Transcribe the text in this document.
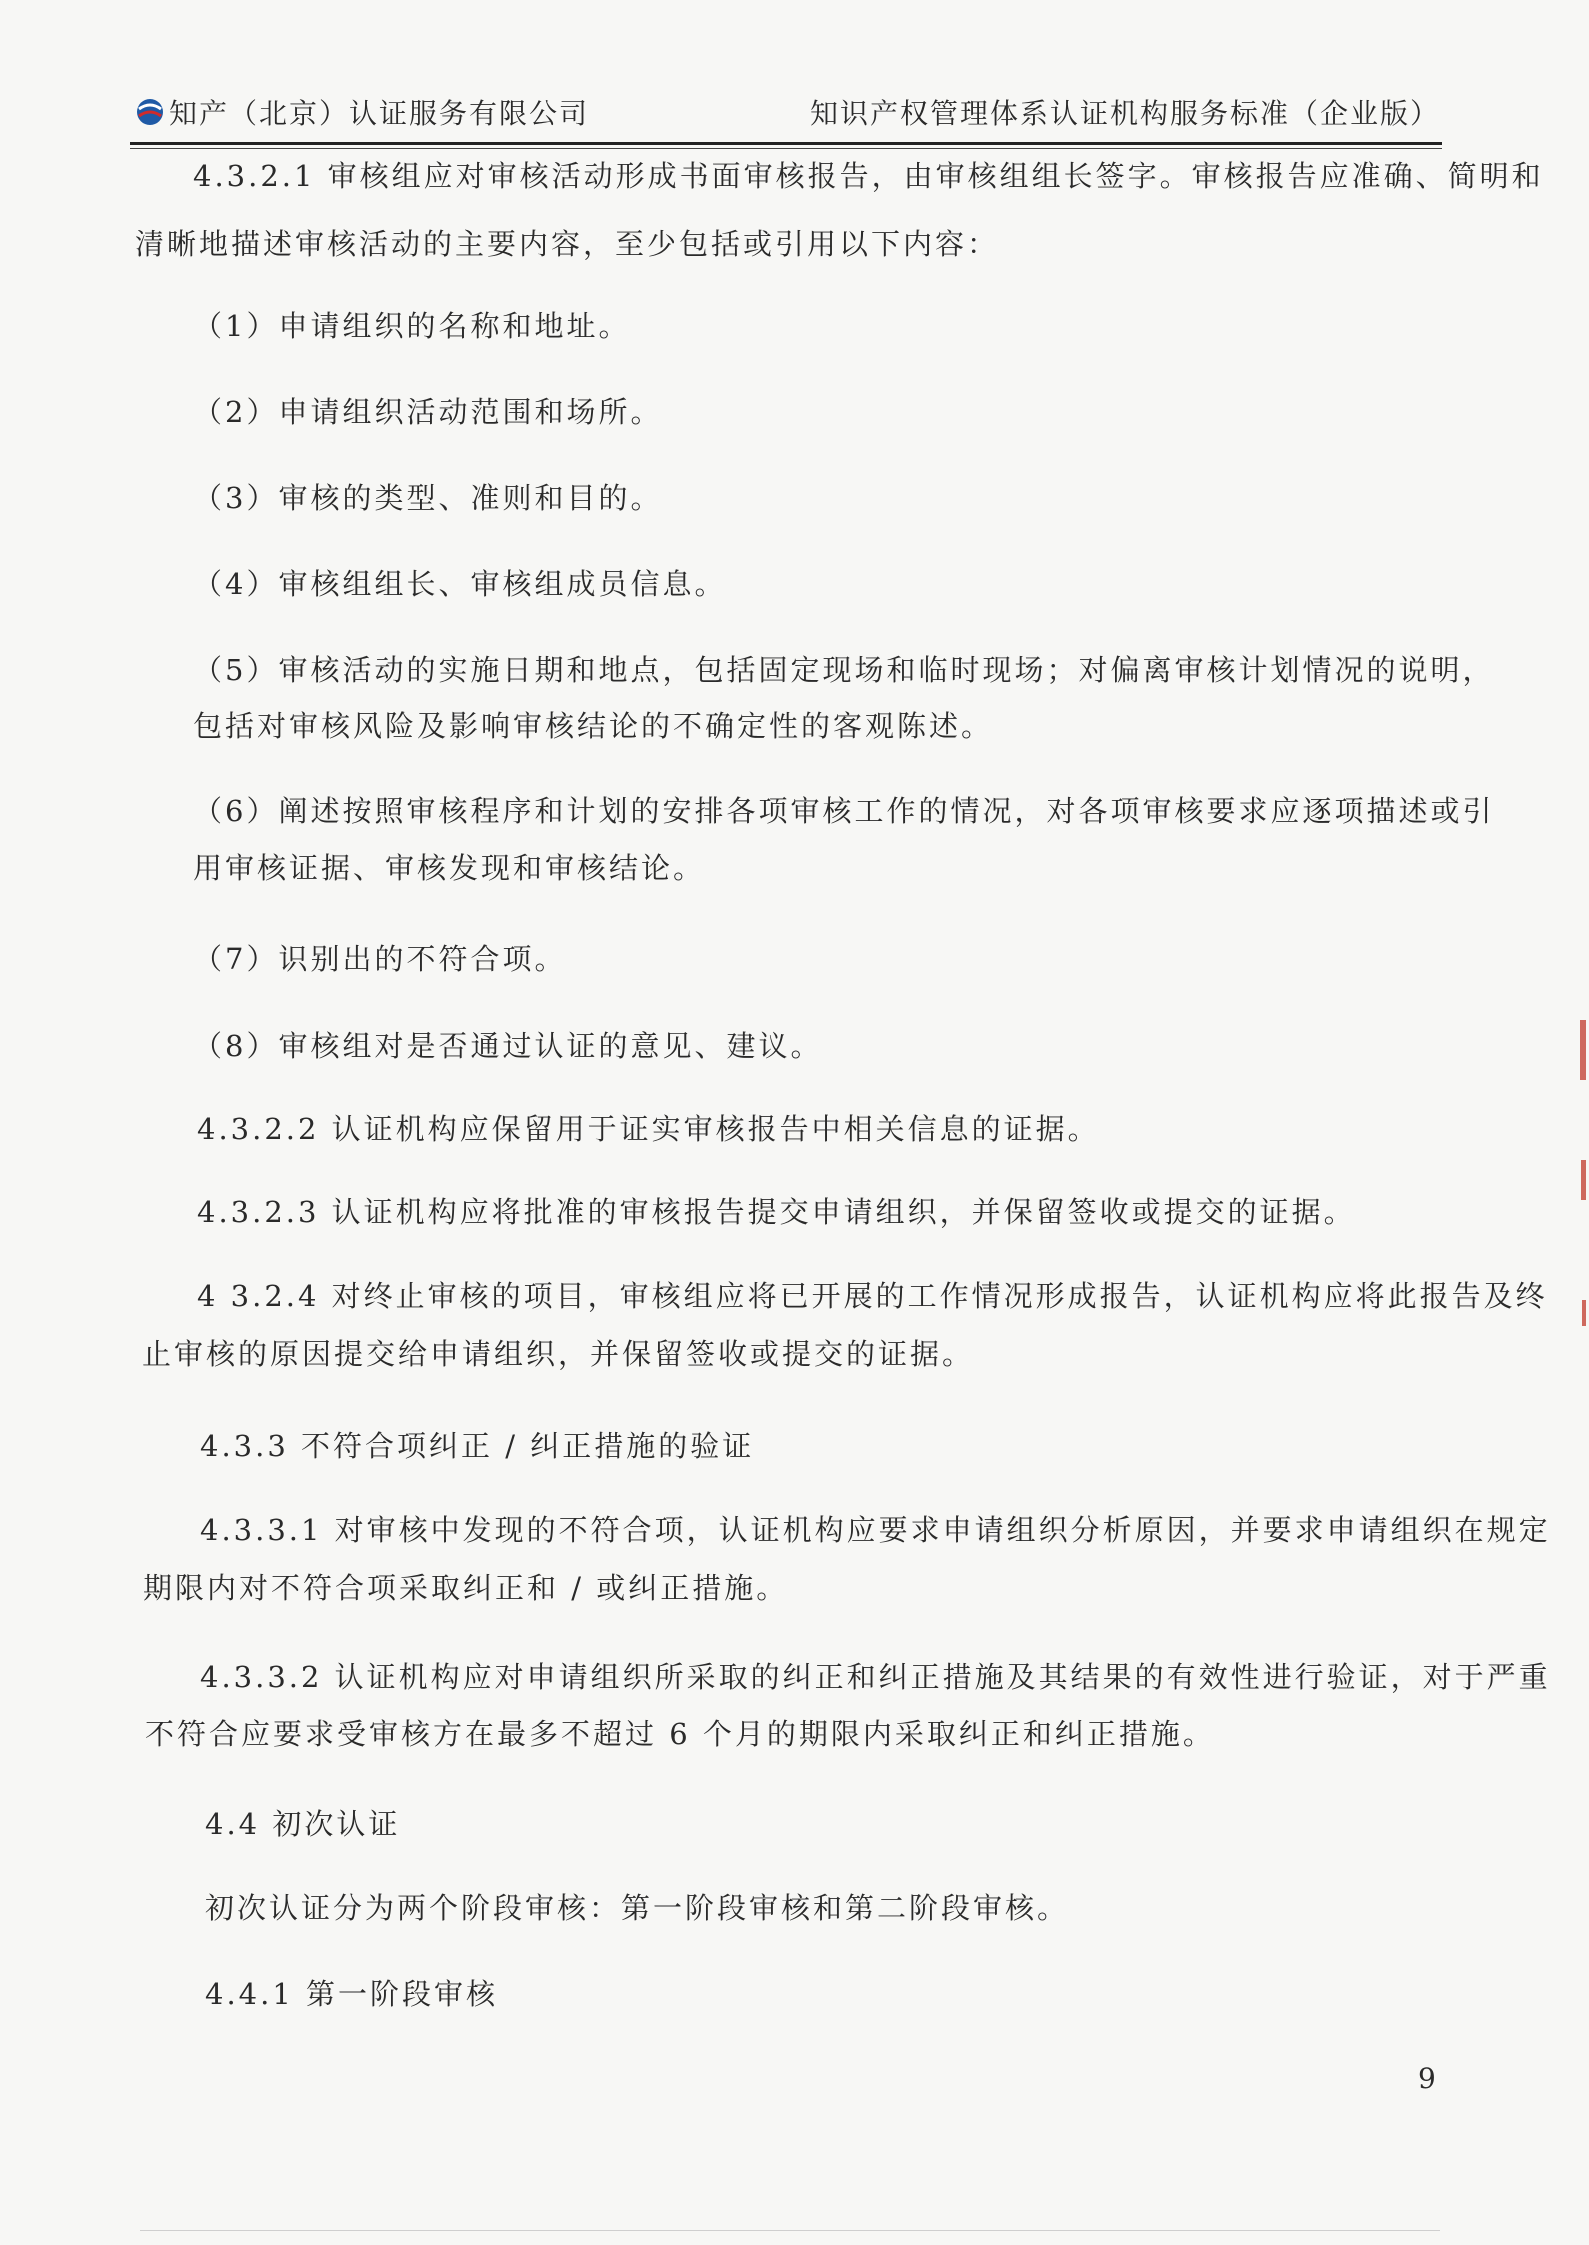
知产（北京）认证服务有限公司	知识产权管理体系认证机构服务标准（企业版）
4.3.2.1 审核组应对审核活动形成书面审核报告，由审核组组长签字。审核报告应准确、简明和
清晰地描述审核活动的主要内容，至少包括或引用以下内容：
（1）申请组织的名称和地址。
（2）申请组织活动范围和场所。
（3）审核的类型、准则和目的。
（4）审核组组长、审核组成员信息。
（5）审核活动的实施日期和地点，包括固定现场和临时现场；对偏离审核计划情况的说明，
包括对审核风险及影响审核结论的不确定性的客观陈述。
（6）阐述按照审核程序和计划的安排各项审核工作的情况，对各项审核要求应逐项描述或引
用审核证据、审核发现和审核结论。
（7）识别出的不符合项。
（8）审核组对是否通过认证的意见、建议。
4.3.2.2 认证机构应保留用于证实审核报告中相关信息的证据。
4.3.2.3 认证机构应将批准的审核报告提交申请组织，并保留签收或提交的证据。
4 3.2.4 对终止审核的项目，审核组应将已开展的工作情况形成报告，认证机构应将此报告及终
止审核的原因提交给申请组织，并保留签收或提交的证据。
4.3.3 不符合项纠正 / 纠正措施的验证
4.3.3.1 对审核中发现的不符合项，认证机构应要求申请组织分析原因，并要求申请组织在规定
期限内对不符合项采取纠正和 / 或纠正措施。
4.3.3.2 认证机构应对申请组织所采取的纠正和纠正措施及其结果的有效性进行验证，对于严重
不符合应要求受审核方在最多不超过 6 个月的期限内采取纠正和纠正措施。
4.4 初次认证
初次认证分为两个阶段审核：第一阶段审核和第二阶段审核。
4.4.1 第一阶段审核
9
